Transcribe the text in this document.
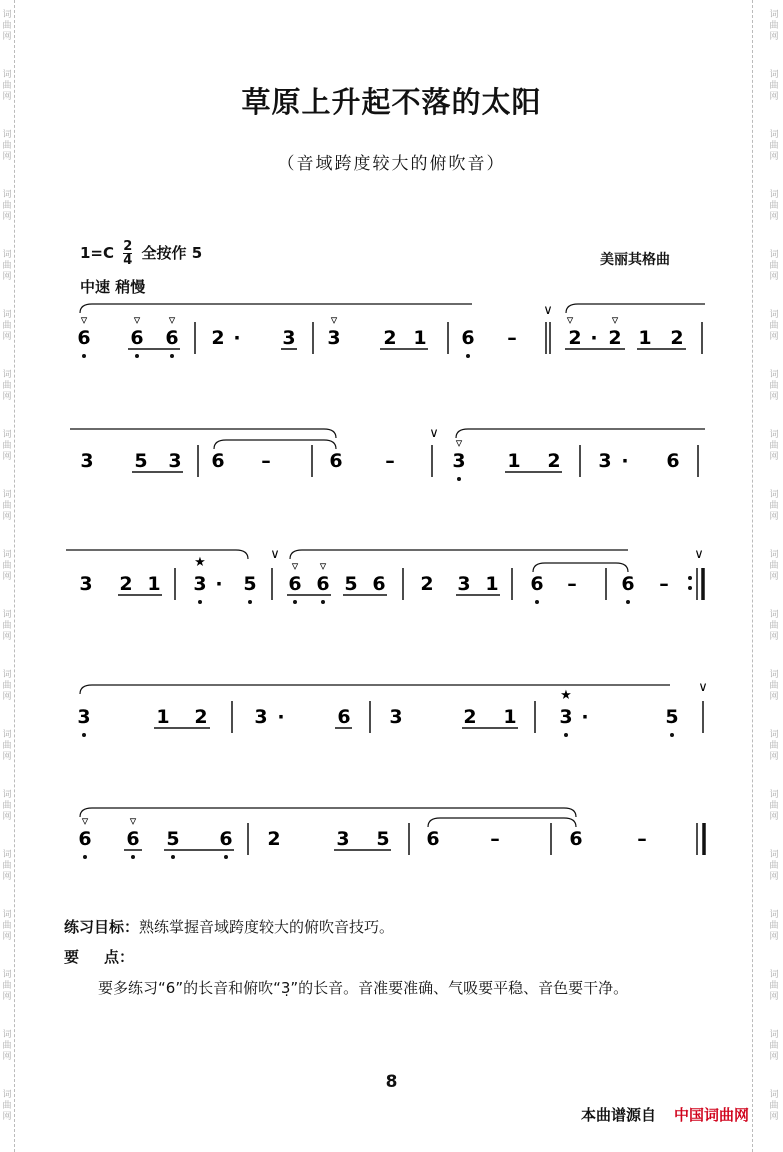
词
曲
网
词
曲
网
词
曲
网
词
曲
网
词
曲
网
词
曲
网
词
曲
网
词
曲
网
词
曲
网
词
曲
网
词
曲
网
词
曲
网
词
曲
网
词
曲
网
词
曲
网
词
曲
网
词
曲
网
词
曲
网
词
曲
网
词
曲
网
词
曲
网
词
曲
网
词
曲
网
词
曲
网
词
曲
网
词
曲
网
词
曲
网
词
曲
网
词
曲
网
词
曲
网
词
曲
网
词
曲
网
词
曲
网
词
曲
网
词
曲
网
词
曲
网
词
曲
网
词
曲
网
草原上升起不落的太阳
（音域跨度较大的俯吹音）
美丽其格曲
$1=C \frac{2}{4}$ 全按作 5
中速 稍慢
6
▿
6
▿
6
▿
2 · 3 3
▿
2 1 6 –
∨
2 · 2 1 2
▿	▿
3 5 3 6 –	6 –
∨
3
▿
1 2 3 · 6
3 2 1 3
★
· 5
∨
6
▿
6
▿
5 6 2 3 1 6 – 6 –
∨
3	1 2 3 ·	6 3	2 1 3
★
·	5
∨
6
▿
6
▿
5 6 2	3 5 6	–	6	–
练习目标：熟练掌握音域跨度较大的俯吹音技巧。
要 点：
要多练习“6”的长音和俯吹“3̣”的长音。音准要准确、气吸要平稳、音色要干净。
8
本曲谱源自 中国词曲网
